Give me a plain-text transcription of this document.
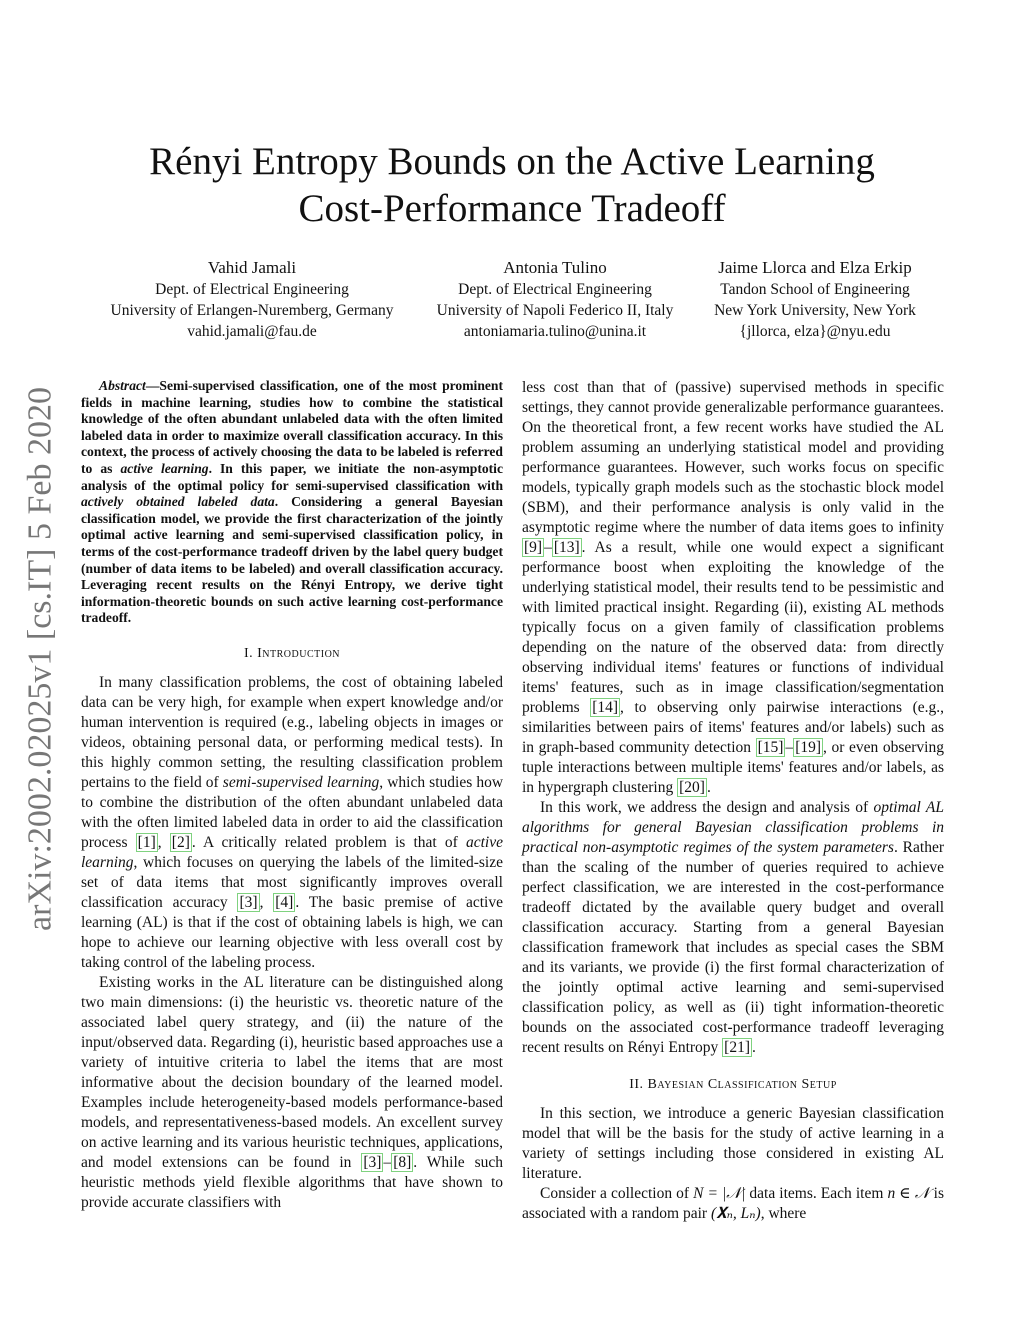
arXiv:2002.02025v1 [cs.IT] 5 Feb 2020
Rényi Entropy Bounds on the Active Learning
Cost-Performance Tradeoff
Vahid Jamali
Dept. of Electrical Engineering
University of Erlangen-Nuremberg, Germany
vahid.jamali@fau.de
Antonia Tulino
Dept. of Electrical Engineering
University of Napoli Federico II, Italy
antoniamaria.tulino@unina.it
Jaime Llorca and Elza Erkip
Tandon School of Engineering
New York University, New York
{jllorca, elza}@nyu.edu

Abstract—Semi-supervised classification, one of the most prominent fields in machine learning, studies how to combine the statistical knowledge of the often abundant unlabeled data with the often limited labeled data in order to maximize overall classification accuracy. In this context, the process of actively choosing the data to be labeled is referred to as active learning. In this paper, we initiate the non-asymptotic analysis of the optimal policy for semi-supervised classification with actively obtained labeled data. Considering a general Bayesian classification model, we provide the first characterization of the jointly optimal active learning and semi-supervised classification policy, in terms of the cost-performance tradeoff driven by the label query budget (number of data items to be labeled) and overall classification accuracy. Leveraging recent results on the Rényi Entropy, we derive tight information-theoretic bounds on such active learning cost-performance tradeoff.

I. Introduction

In many classification problems, the cost of obtaining labeled data can be very high, for example when expert knowledge and/or human intervention is required (e.g., labeling objects in images or videos, obtaining personal data, or performing medical tests). In this highly common setting, the resulting classification problem pertains to the field of semi-supervised learning, which studies how to combine the distribution of the often abundant unlabeled data with the often limited labeled data in order to aid the classification process [1] , [2] . A critically related problem is that of active learning, which focuses on querying the labels of the limited-size set of data items that most significantly improves overall classification accuracy [3] , [4] . The basic premise of active learning (AL) is that if the cost of obtaining labels is high, we can hope to achieve our learning objective with less overall cost by taking control of the labeling process.

Existing works in the AL literature can be distinguished along two main dimensions: (i) the heuristic vs. theoretic nature of the associated label query strategy, and (ii) the nature of the input/observed data. Regarding (i), heuristic based approaches use a variety of intuitive criteria to label the items that are most informative about the decision boundary of the learned model. Examples include heterogeneity-based models performance-based models, and representativeness-based models. An excellent survey on active learning and its various heuristic techniques, applications, and model extensions can be found in [3] – [8] . While such heuristic methods yield flexible algorithms that have shown to provide accurate classifiers with

less cost than that of (passive) supervised methods in specific settings, they cannot provide generalizable performance guarantees. On the theoretical front, a few recent works have studied the AL problem assuming an underlying statistical model and providing performance guarantees. However, such works focus on specific models, typically graph models such as the stochastic block model (SBM), and their performance analysis is only valid in the asymptotic regime where the number of data items goes to infinity [9] – [13] . As a result, while one would expect a significant performance boost when exploiting the knowledge of the underlying statistical model, their results tend to be pessimistic and with limited practical insight. Regarding (ii), existing AL methods typically focus on a given family of classification problems depending on the nature of the observed data: from directly observing individual items' features or functions of individual items' features, such as in image classification/segmentation problems [14] , to observing only pairwise interactions (e.g., similarities between pairs of items' features and/or labels) such as in graph-based community detection [15] – [19] , or even observing tuple interactions between multiple items' features and/or labels, as in hypergraph clustering [20] .

In this work, we address the design and analysis of optimal AL algorithms for general Bayesian classification problems in practical non-asymptotic regimes of the system parameters. Rather than the scaling of the number of queries required to achieve perfect classification, we are interested in the cost-performance tradeoff dictated by the available query budget and overall classification accuracy. Starting from a general Bayesian classification framework that includes as special cases the SBM and its variants, we provide (i) the first formal characterization of the jointly optimal active learning and semi-supervised classification policy, as well as (ii) tight information-theoretic bounds on the associated cost-performance tradeoff leveraging recent results on Rényi Entropy [21] .

II. Bayesian Classification Setup

In this section, we introduce a generic Bayesian classification model that will be the basis for the study of active learning in a variety of settings including those considered in existing AL literature.

Consider a collection of N = |𝒩| data items. Each item n ∈ 𝒩 is associated with a random pair (𝐗ₙ, Lₙ), where
